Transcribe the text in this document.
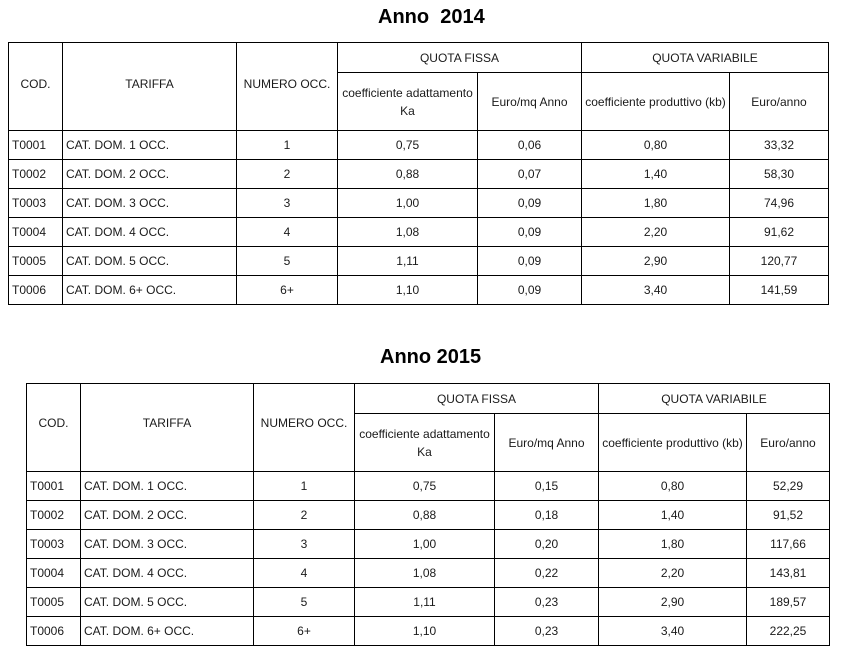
Anno  2014
COD.	TARIFFA	NUMERO OCC.	QUOTA FISSA		QUOTA VARIABILE	
			coefficiente adattamento Ka	Euro/mq Anno	coefficiente produttivo (kb)	Euro/anno
T0001	CAT. DOM. 1 OCC.	1	0,75	0,06	0,80	33,32
T0002	CAT. DOM. 2 OCC.	2	0,88	0,07	1,40	58,30
T0003	CAT. DOM. 3 OCC.	3	1,00	0,09	1,80	74,96
T0004	CAT. DOM. 4 OCC.	4	1,08	0,09	2,20	91,62
T0005	CAT. DOM. 5 OCC.	5	1,11	0,09	2,90	120,77
T0006	CAT. DOM. 6+ OCC.	6+	1,10	0,09	3,40	141,59
Anno 2015
COD.	TARIFFA	NUMERO OCC.	QUOTA FISSA		QUOTA VARIABILE	
			coefficiente adattamento Ka	Euro/mq Anno	coefficiente produttivo (kb)	Euro/anno
T0001	CAT. DOM. 1 OCC.	1	0,75	0,15	0,80	52,29
T0002	CAT. DOM. 2 OCC.	2	0,88	0,18	1,40	91,52
T0003	CAT. DOM. 3 OCC.	3	1,00	0,20	1,80	117,66
T0004	CAT. DOM. 4 OCC.	4	1,08	0,22	2,20	143,81
T0005	CAT. DOM. 5 OCC.	5	1,11	0,23	2,90	189,57
T0006	CAT. DOM. 6+ OCC.	6+	1,10	0,23	3,40	222,25
